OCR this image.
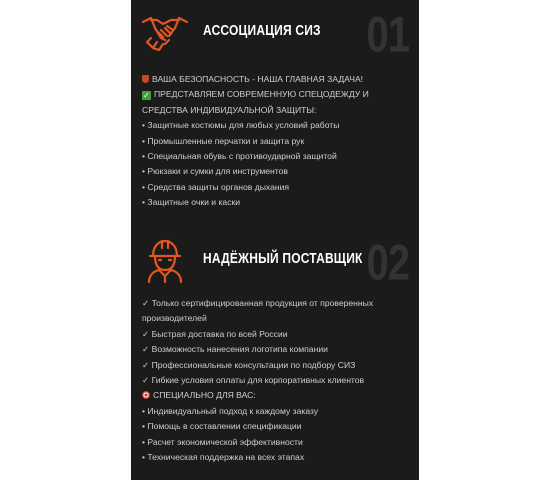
АССОЦИАЦИЯ СИЗ 01
ВАША БЕЗОПАСНОСТЬ - НАША ГЛАВНАЯ ЗАДАЧА!
✓ ПРЕДСТАВЛЯЕМ СОВРЕМЕННУЮ СПЕЦОДЕЖДУ И СРЕДСТВА ИНДИВИДУАЛЬНОЙ ЗАЩИТЫ:
• Защитные костюмы для любых условий работы
• Промышленные перчатки и защита рук
• Специальная обувь с противоударной защитой
• Рюкзаки и сумки для инструментов
• Средства защиты органов дыхания
• Защитные очки и каски
НАДЁЖНЫЙ ПОСТАВЩИК 02
✓ Только сертифицированная продукция от проверенных производителей
✓ Быстрая доставка по всей России
✓ Возможность нанесения логотипа компании
✓ Профессиональные консультации по подбору СИЗ
✓ Гибкие условия оплаты для корпоративных клиентов
СПЕЦИАЛЬНО ДЛЯ ВАС:
• Индивидуальный подход к каждому заказу
• Помощь в составлении спецификации
• Расчет экономической эффективности
• Техническая поддержка на всех этапах
